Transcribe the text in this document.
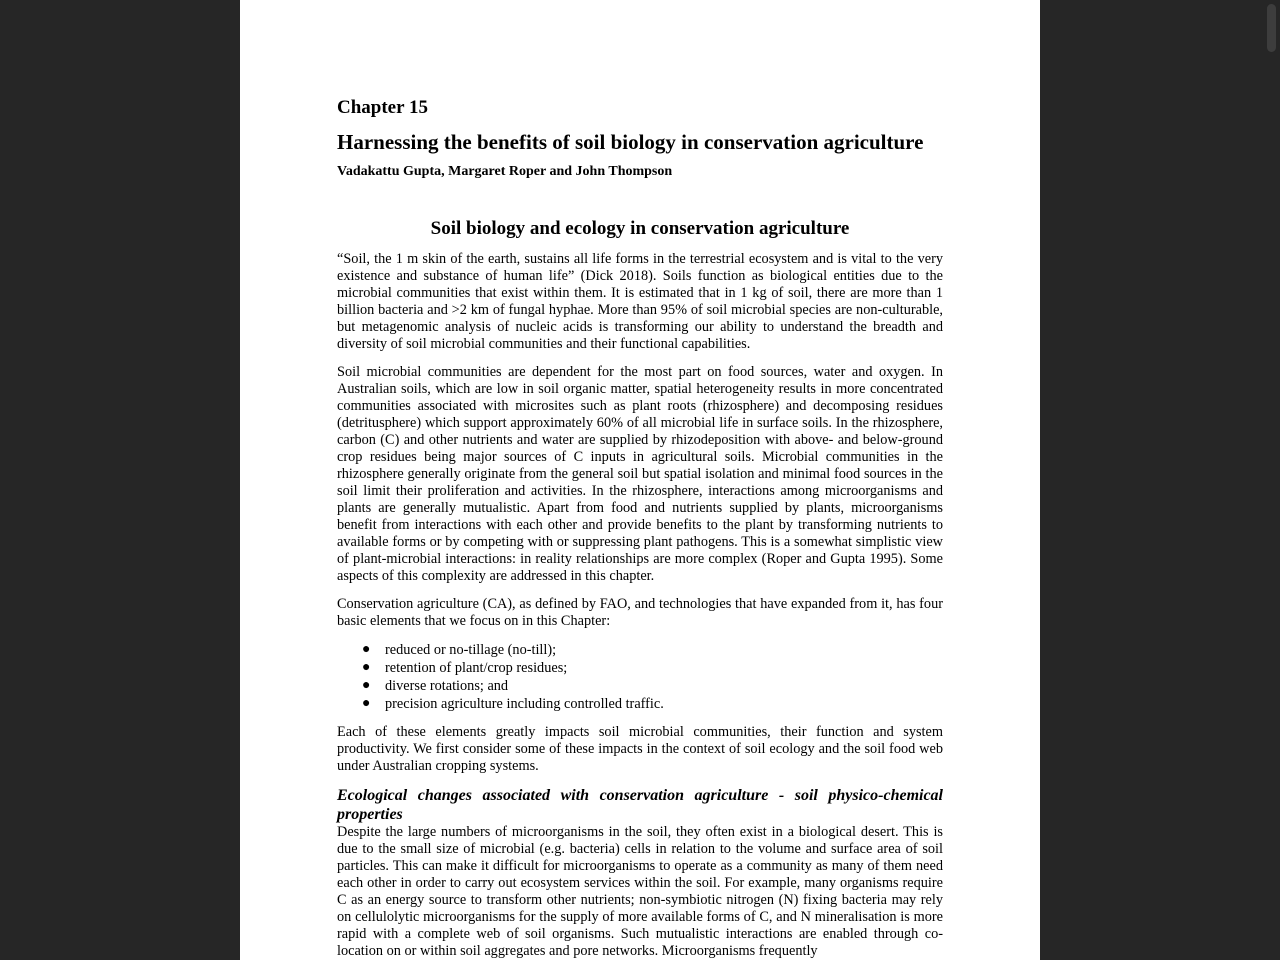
Chapter 15
Harnessing the benefits of soil biology in conservation agriculture
Vadakattu Gupta, Margaret Roper and John Thompson
Soil biology and ecology in conservation agriculture

“Soil, the 1 m skin of the earth, sustains all life forms in the terrestrial ecosystem and is vital to the very existence and substance of human life” (Dick 2018). Soils function as biological entities due to the microbial communities that exist within them. It is estimated that in 1 kg of soil, there are more than 1 billion bacteria and >2 km of fungal hyphae. More than 95% of soil microbial species are non-culturable, but metagenomic analysis of nucleic acids is transforming our ability to understand the breadth and diversity of soil microbial communities and their functional capabilities.

Soil microbial communities are dependent for the most part on food sources, water and oxygen. In Australian soils, which are low in soil organic matter, spatial heterogeneity results in more concentrated communities associated with microsites such as plant roots (rhizosphere) and decomposing residues (detritusphere) which support approximately 60% of all microbial life in surface soils. In the rhizosphere, carbon (C) and other nutrients and water are supplied by rhizodeposition with above- and below-ground crop residues being major sources of C inputs in agricultural soils. Microbial communities in the rhizosphere generally originate from the general soil but spatial isolation and minimal food sources in the soil limit their proliferation and activities. In the rhizosphere, interactions among microorganisms and plants are generally mutualistic. Apart from food and nutrients supplied by plants, microorganisms benefit from interactions with each other and provide benefits to the plant by transforming nutrients to available forms or by competing with or suppressing plant pathogens. This is a somewhat simplistic view of plant-microbial interactions: in reality relationships are more complex (Roper and Gupta 1995). Some aspects of this complexity are addressed in this chapter.

Conservation agriculture (CA), as defined by FAO, and technologies that have expanded from it, has four basic elements that we focus on in this Chapter:

● reduced or no-tillage (no-till);
● retention of plant/crop residues;
● diverse rotations; and
● precision agriculture including controlled traffic.

Each of these elements greatly impacts soil microbial communities, their function and system productivity. We first consider some of these impacts in the context of soil ecology and the soil food web under Australian cropping systems.

Ecological changes associated with conservation agriculture - soil physico-chemical properties

Despite the large numbers of microorganisms in the soil, they often exist in a biological desert. This is due to the small size of microbial (e.g. bacteria) cells in relation to the volume and surface area of soil particles. This can make it difficult for microorganisms to operate as a community as many of them need each other in order to carry out ecosystem services within the soil. For example, many organisms require C as an energy source to transform other nutrients; non-symbiotic nitrogen (N) fixing bacteria may rely on cellulolytic microorganisms for the supply of more available forms of C, and N mineralisation is more rapid with a complete web of soil organisms. Such mutualistic interactions are enabled through co-location on or within soil aggregates and pore networks. Microorganisms frequently
